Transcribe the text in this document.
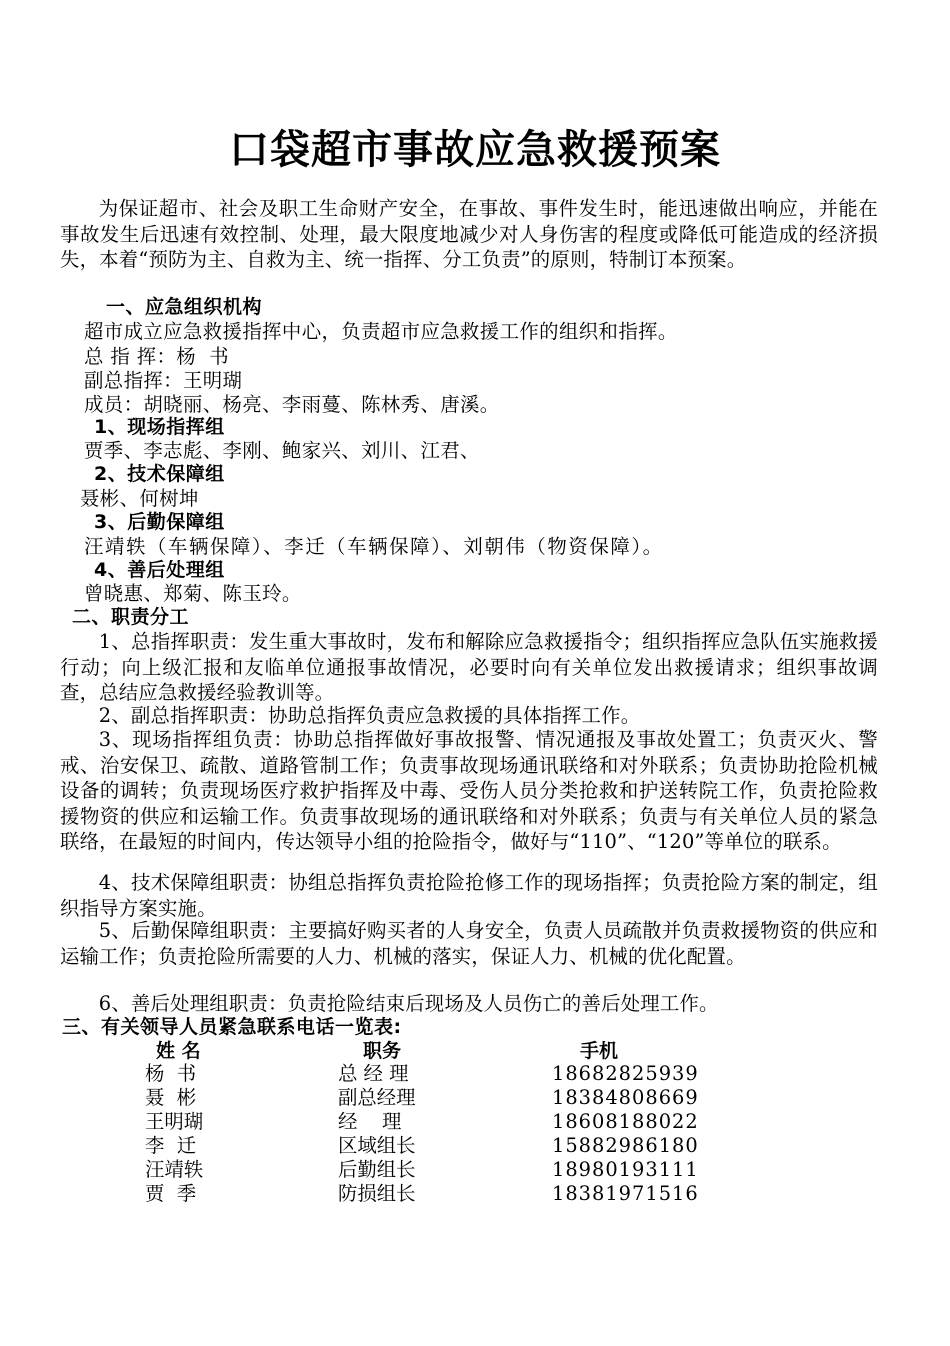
口袋超市事故应急救援预案
为保证超市、社会及职工生命财产安全，在事故、事件发生时，能迅速做出响应，并能在事故发生后迅速有效控制、处理，最大限度地减少对人身伤害的程度或降低可能造成的经济损失，本着“预防为主、自救为主、统一指挥、分工负责”的原则，特制订本预案。
一、应急组织机构
超市成立应急救援指挥中心，负责超市应急救援工作的组织和指挥。
总 指 挥：杨  书
副总指挥：王明瑚
成员：胡晓丽、杨亮、李雨蔓、陈林秀、唐溪。
1、现场指挥组
贾季、李志彪、李刚、鲍家兴、刘川、江君、
2、技术保障组
聂彬、何树坤
3、后勤保障组
汪靖轶（车辆保障）、李迁（车辆保障）、刘朝伟（物资保障）。
4、善后处理组
曾晓惠、郑菊、陈玉玲。
二、职责分工
1、总指挥职责：发生重大事故时，发布和解除应急救援指令；组织指挥应急队伍实施救援行动；向上级汇报和友临单位通报事故情况，必要时向有关单位发出救援请求；组织事故调查，总结应急救援经验教训等。
2、副总指挥职责：协助总指挥负责应急救援的具体指挥工作。
3、现场指挥组负责：协助总指挥做好事故报警、情况通报及事故处置工；负责灭火、警戒、治安保卫、疏散、道路管制工作；负责事故现场通讯联络和对外联系；负责协助抢险机械设备的调转；负责现场医疗救护指挥及中毒、受伤人员分类抢救和护送转院工作，负责抢险救援物资的供应和运输工作。负责事故现场的通讯联络和对外联系；负责与有关单位人员的紧急联络，在最短的时间内，传达领导小组的抢险指令，做好与“110”、“120”等单位的联系。
4、技术保障组职责：协组总指挥负责抢险抢修工作的现场指挥；负责抢险方案的制定，组织指导方案实施。
5、后勤保障组职责：主要搞好购买者的人身安全，负责人员疏散并负责救援物资的供应和运输工作；负责抢险所需要的人力、机械的落实，保证人力、机械的优化配置。
6、善后处理组职责：负责抢险结束后现场及人员伤亡的善后处理工作。
三、有关领导人员紧急联系电话一览表:
姓 名	职务	手机
杨  书	总 经 理	18682825939
聂  彬	副总经理	18384808669
王明瑚	经    理	18608188022
李  迁	区域组长	15882986180
汪靖轶	后勤组长	18980193111
贾  季	防损组长	18381971516
